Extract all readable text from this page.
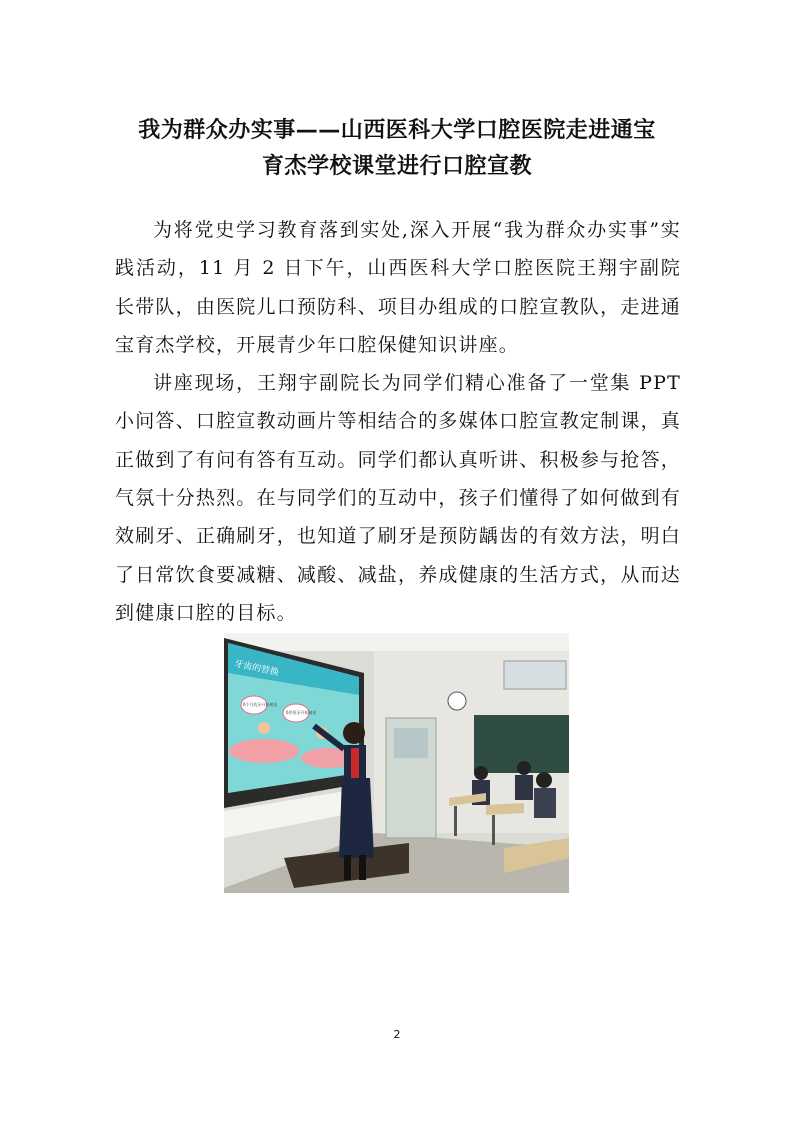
我为群众办实事——山西医科大学口腔医院走进通宝
育杰学校课堂进行口腔宣教

为将党史学习教育落到实处,深入开展“我为群众办实事”实践活动，11 月 2 日下午，山西医科大学口腔医院王翔宇副院长带队，由医院儿口预防科、项目办组成的口腔宣教队，走进通宝育杰学校，开展青少年口腔保健知识讲座。

讲座现场，王翔宇副院长为同学们精心准备了一堂集 PPT 小问答、口腔宣教动画片等相结合的多媒体口腔宣教定制课，真正做到了有问有答有互动。同学们都认真听讲、积极参与抢答，气氛十分热烈。在与同学们的互动中，孩子们懂得了如何做到有效刷牙、正确刷牙，也知道了刷牙是预防龋齿的有效方法，明白了日常饮食要减糖、减酸、减盐，养成健康的生活方式，从而达到健康口腔的目标。

牙齿的替换
6个月乳牙开始萌出
6岁恒牙开始萌出
2
